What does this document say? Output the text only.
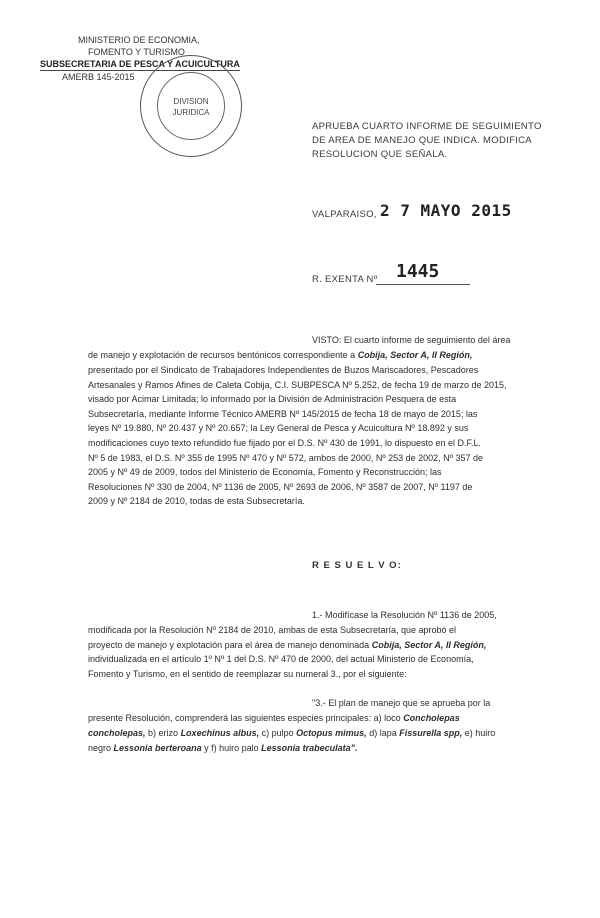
MINISTERIO DE ECONOMIA,
FOMENTO Y TURISMO
SUBSECRETARIA DE PESCA Y ACUICULTURA
AMERB 145-2015
DIVISION
JURIDICA
APRUEBA CUARTO INFORME DE SEGUIMIENTO
DE AREA DE MANEJO QUE INDICA. MODIFICA
RESOLUCION QUE SEÑALA.
VALPARAISO, 2 7 MAYO 2015
R. EXENTA Nº 1445
VISTO: El cuarto informe de seguimiento del área
de manejo y explotación de recursos bentónicos correspondiente a Cobija, Sector A, II Región,
presentado por el Sindicato de Trabajadores Independientes de Buzos Mariscadores, Pescadores
Artesanales y Ramos Afines de Caleta Cobija, C.I. SUBPESCA Nº 5.252, de fecha 19 de marzo de 2015,
visado por Acimar Limitada; lo informado por la División de Administración Pesquera de esta
Subsecretaría, mediante Informe Técnico AMERB Nº 145/2015 de fecha 18 de mayo de 2015; las
leyes Nº 19.880, Nº 20.437 y Nº 20.657; la Ley General de Pesca y Acuicultura Nº 18.892 y sus
modificaciones cuyo texto refundido fue fijado por el D.S. Nº 430 de 1991, lo dispuesto en el D.F.L.
Nº 5 de 1983, el D.S. Nº 355 de 1995 Nº 470 y Nº 572, ambos de 2000, Nº 253 de 2002, Nº 357 de
2005 y Nº 49 de 2009, todos del Ministerio de Economía, Fomento y Reconstrucción; las
Resoluciones Nº 330 de 2004, Nº 1136 de 2005, Nº 2693 de 2006, Nº 3587 de 2007, Nº 1197 de
2009 y Nº 2184 de 2010, todas de esta Subsecretaría.
R E S U E L V O:
1.- Modifícase la Resolución Nº 1136 de 2005,
modificada por la Resolución Nº 2184 de 2010, ambas de esta Subsecretaría, que aprobó el
proyecto de manejo y explotación para el área de manejo denominada Cobija, Sector A, II Región,
individualizada en el artículo 1º Nº 1 del D.S. Nº 470 de 2000, del actual Ministerio de Economía,
Fomento y Turismo, en el sentido de reemplazar su numeral 3., por el siguiente:
"3.- El plan de manejo que se aprueba por la
presente Resolución, comprenderá las siguientes especies principales: a) loco Concholepas
concholepas, b) erizo Loxechinus albus, c) pulpo Octopus mimus, d) lapa Fissurella spp, e) huiro
negro Lessonia berteroana y f) huiro palo Lessonia trabeculata".
